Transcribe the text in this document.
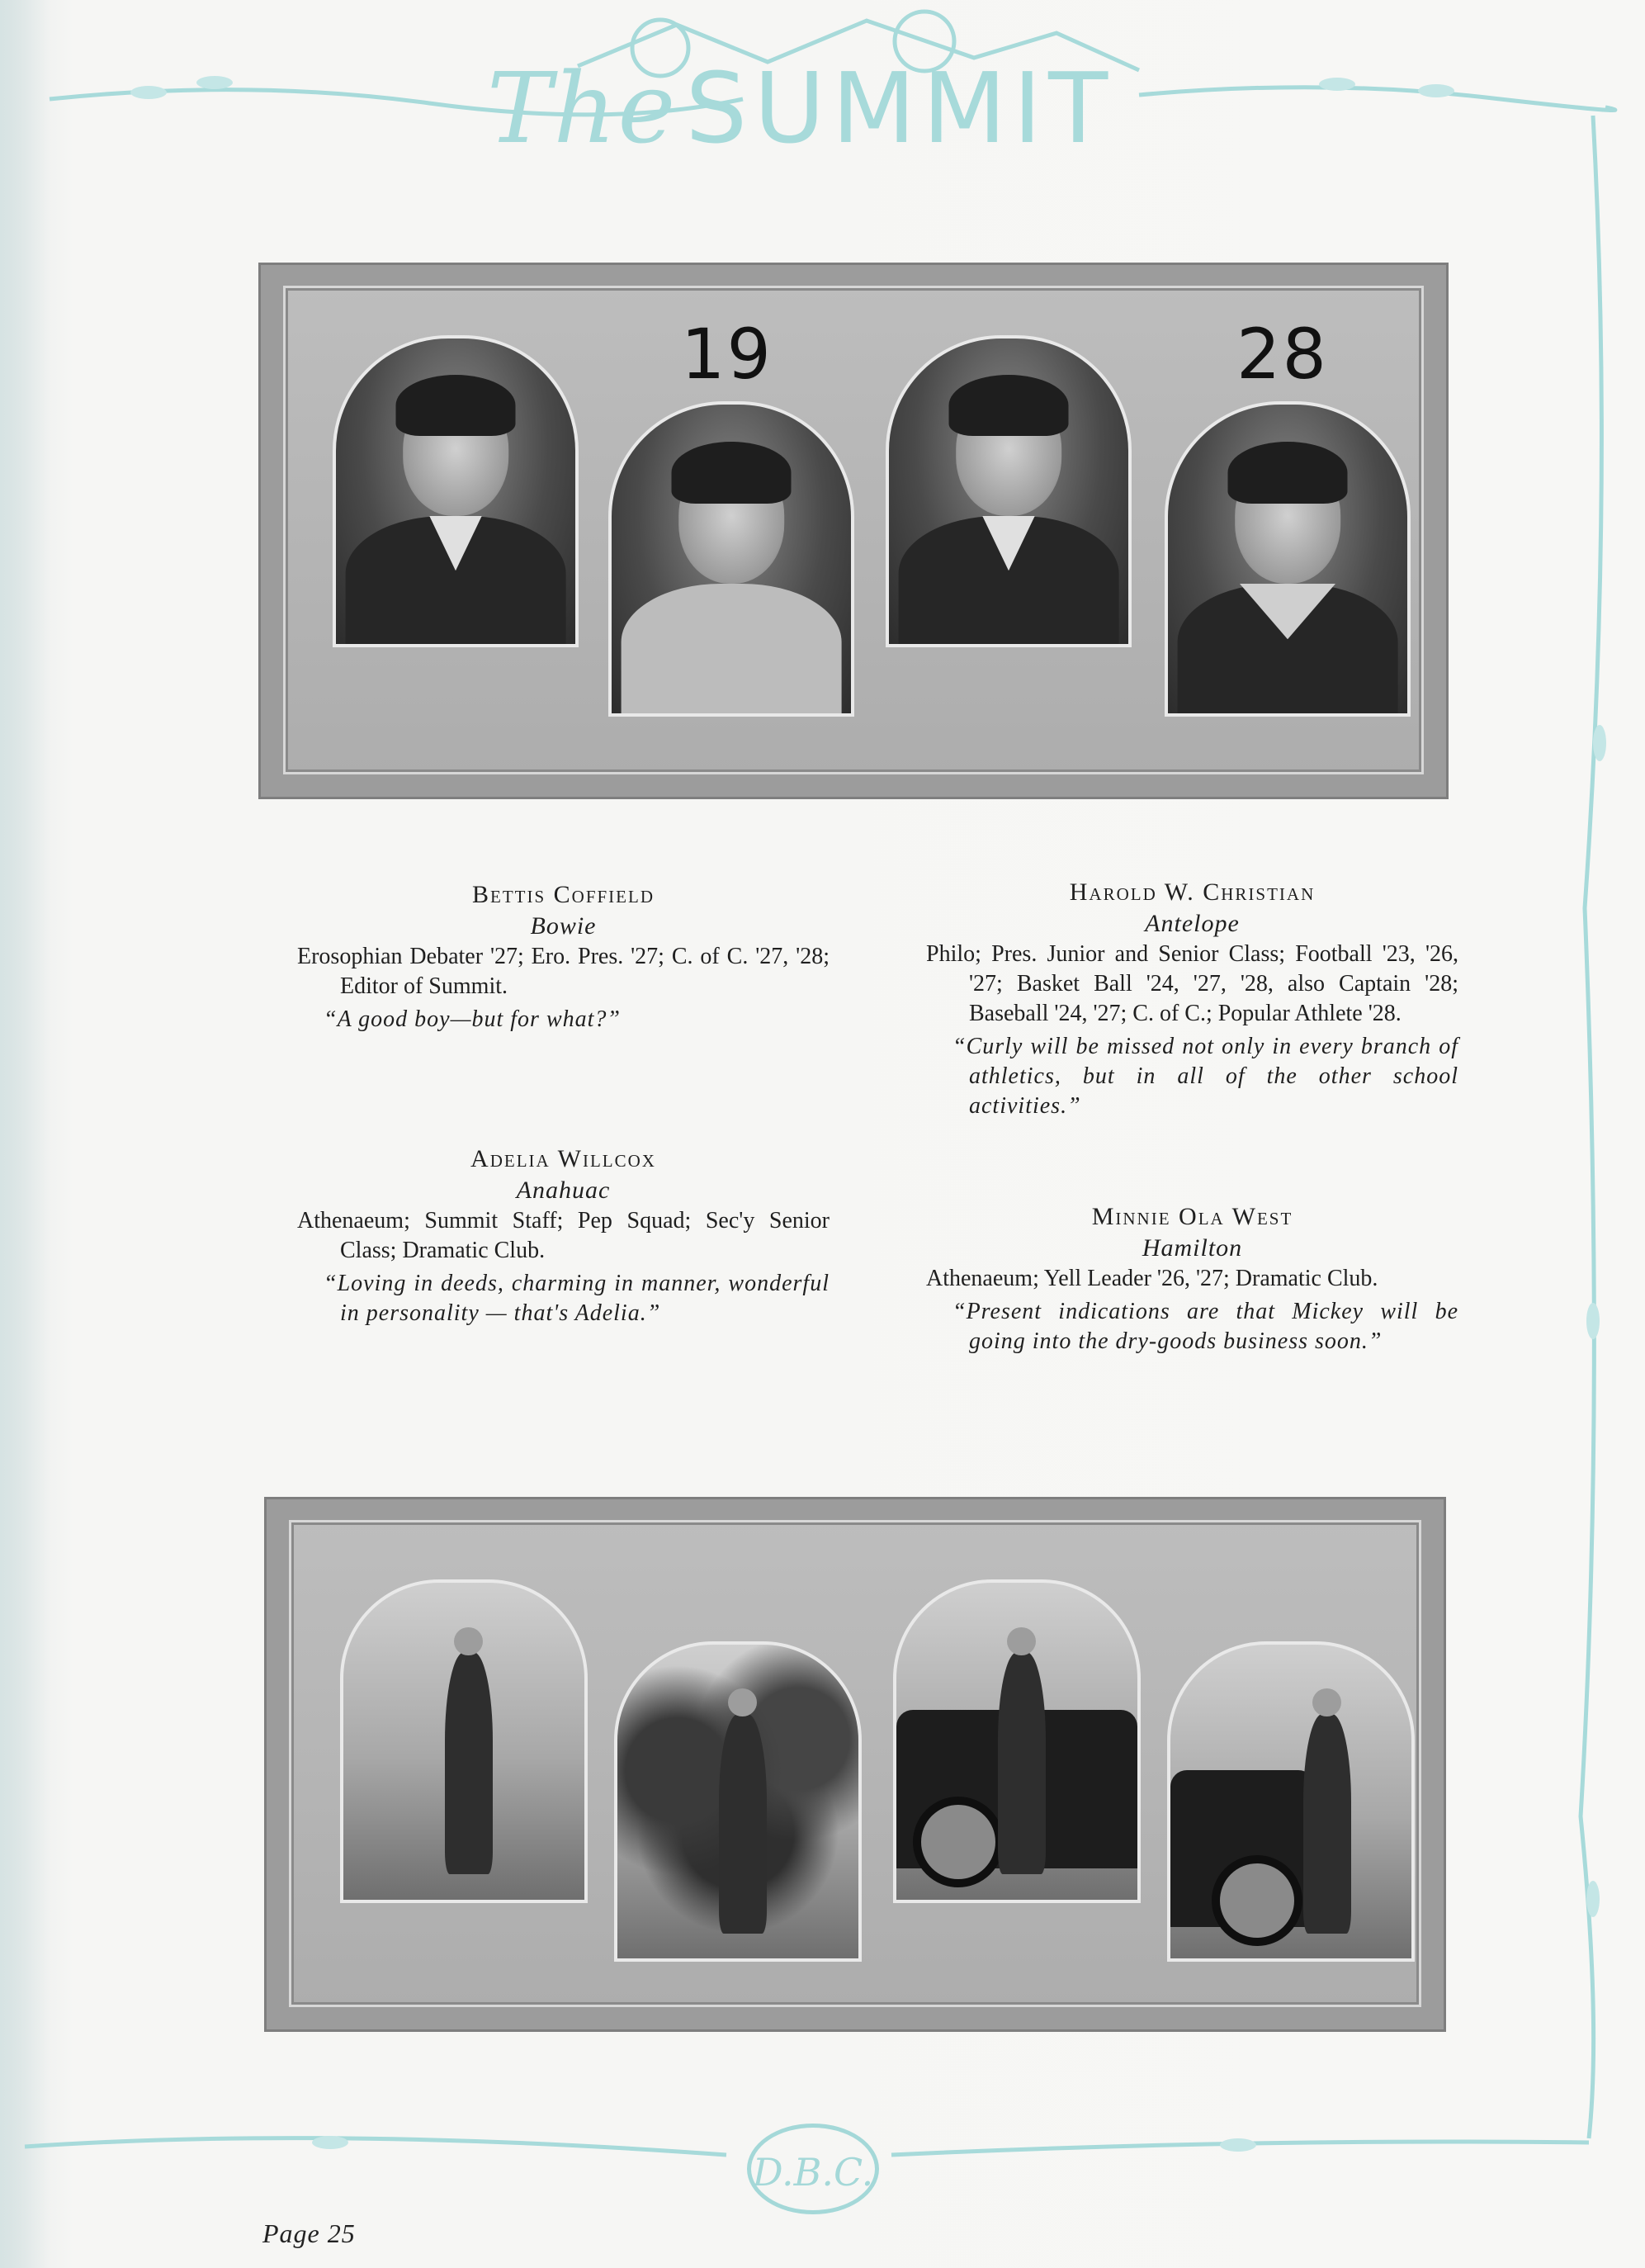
TheSUMMIT
19	28
Bettis Coffield
Bowie
Erosophian Debater '27; Ero. Pres. '27; C. of C. '27, '28; Editor of Summit.
“A good boy—but for what?”
Adelia Willcox
Anahuac
Athenaeum; Summit Staff; Pep Squad; Sec'y Senior Class; Dramatic Club.
“Loving in deeds, charming in manner, wonderful in personality — that's Adelia.”
Harold W. Christian
Antelope
Philo; Pres. Junior and Senior Class; Football '23, '26, '27; Basket Ball '24, '27, '28, also Captain '28; Baseball '24, '27; C. of C.; Popular Athlete '28.
“Curly will be missed not only in every branch of athletics, but in all of the other school activities.”
Minnie Ola West
Hamilton
Athenaeum; Yell Leader '26, '27; Dramatic Club.
“Present indications are that Mickey will be going into the dry-goods business soon.”
D.B.C.
Page 25
